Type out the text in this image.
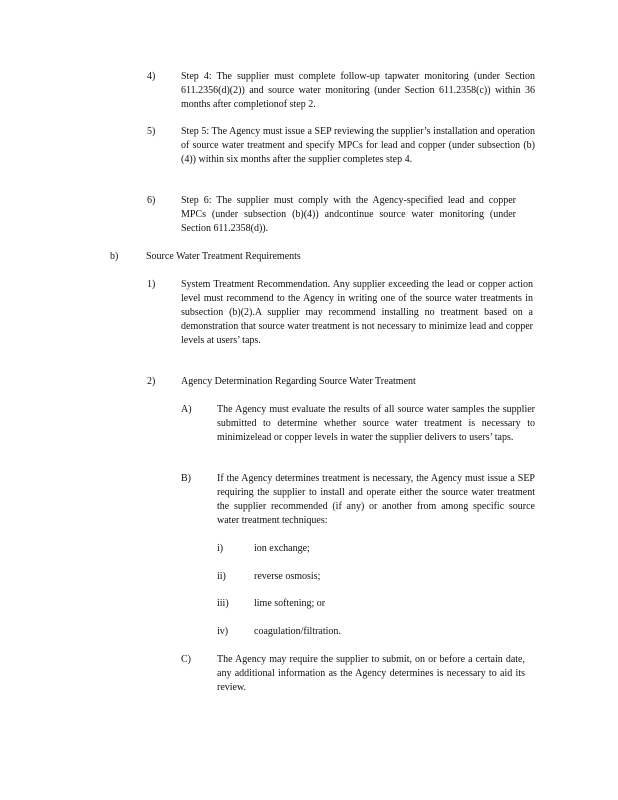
4)	Step 4: The supplier must complete follow-up tapwater monitoring (under Section 611.2356(d)(2)) and source water monitoring (under Section 611.2358(c)) within 36 months after completionof step 2.
5)	Step 5: The Agency must issue a SEP reviewing the supplier’s installation and operation of source water treatment and specify MPCs for lead and copper (under subsection (b)(4)) within six months after the supplier completes step 4.
6)	Step 6: The supplier must comply with the Agency-specified lead and copper MPCs (under subsection (b)(4)) andcontinue source water monitoring (under Section 611.2358(d)).
b)	Source Water Treatment Requirements
1)	System Treatment Recommendation. Any supplier exceeding the lead or copper action level must recommend to the Agency in writing one of the source water treatments in subsection (b)(2).A supplier may recommend installing no treatment based on a demonstration that source water treatment is not necessary to minimize lead and copper levels at users’ taps.
2)	Agency Determination Regarding Source Water Treatment
A)	The Agency must evaluate the results of all source water samples the supplier submitted to determine whether source water treatment is necessary to minimizelead or copper levels in water the supplier delivers to users’ taps.
B)	If the Agency determines treatment is necessary, the Agency must issue a SEP requiring the supplier to install and operate either the source water treatment the supplier recommended (if any) or another from among specific source water treatment techniques:
i)	ion exchange;
ii)	reverse osmosis;
iii)	lime softening; or
iv)	coagulation/filtration.
C)	The Agency may require the supplier to submit, on or before a certain date, any additional information as the Agency determines is necessary to aid its review.
